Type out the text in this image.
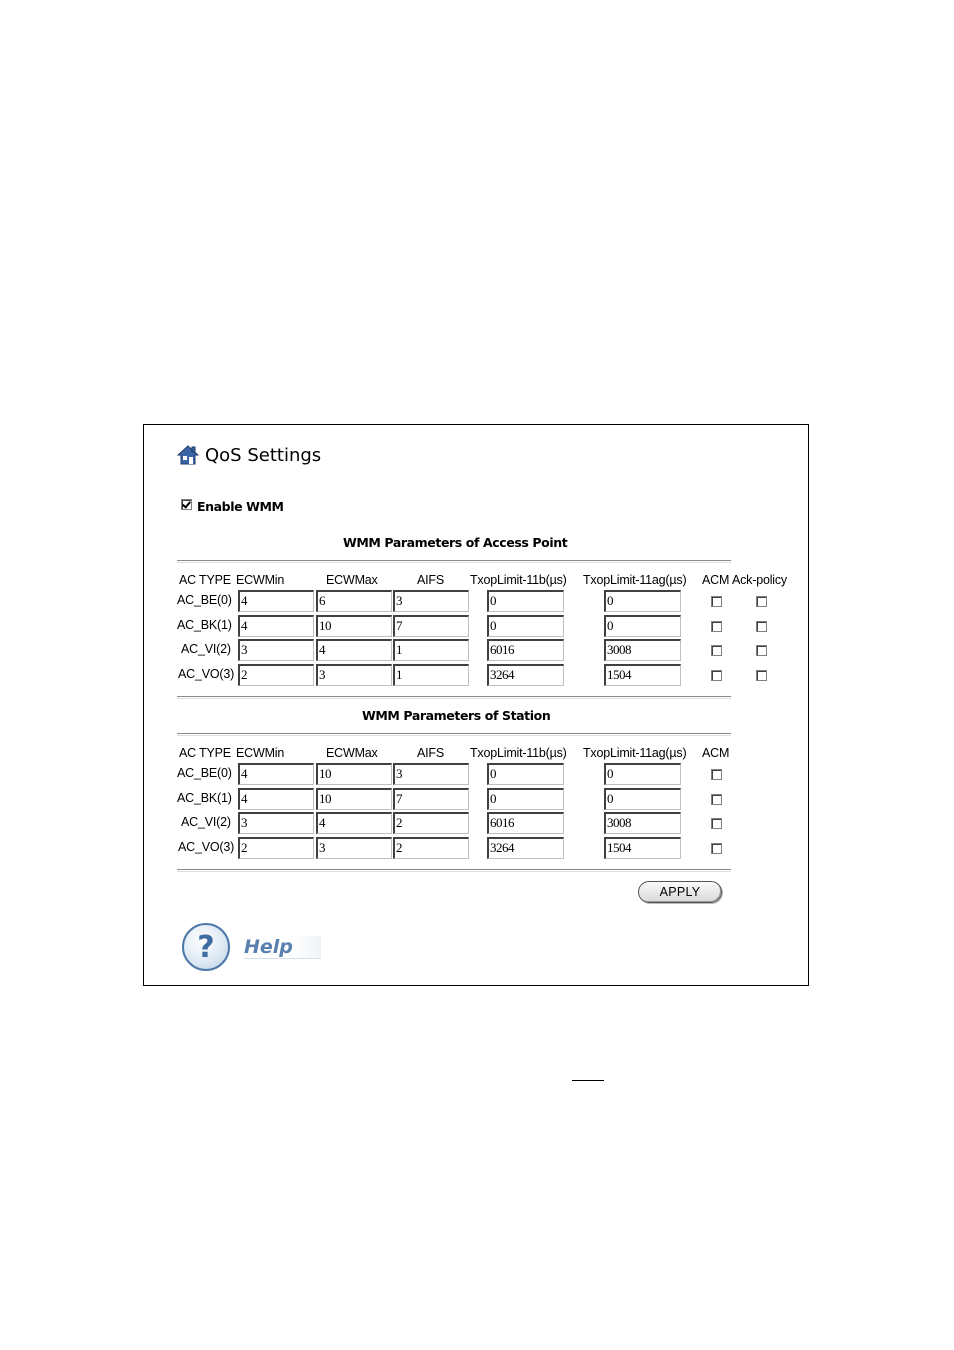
QoS Settings
Enable WMM
WMM Parameters of Access Point
AC TYPE ECWMin	ECWMax	AIFS TxopLimit-11b(µs) TxopLimit-11ag(µs) ACM Ack-policy
AC_BE(0) 4	6	3	0	0
AC_BK(1) 4	10	7	0	0
AC_VI(2) 3	4	1	6016	3008
AC_VO(3) 2	3	1	3264	1504
WMM Parameters of Station
AC TYPE ECWMin	ECWMax	AIFS TxopLimit-11b(µs) TxopLimit-11ag(µs) ACM
AC_BE(0) 4	10	3	0	0
AC_BK(1) 4	10	7	0	0
AC_VI(2) 3	4	2	6016	3008
AC_VO(3) 2	3	2	3264	1504
APPLY
?	Help
